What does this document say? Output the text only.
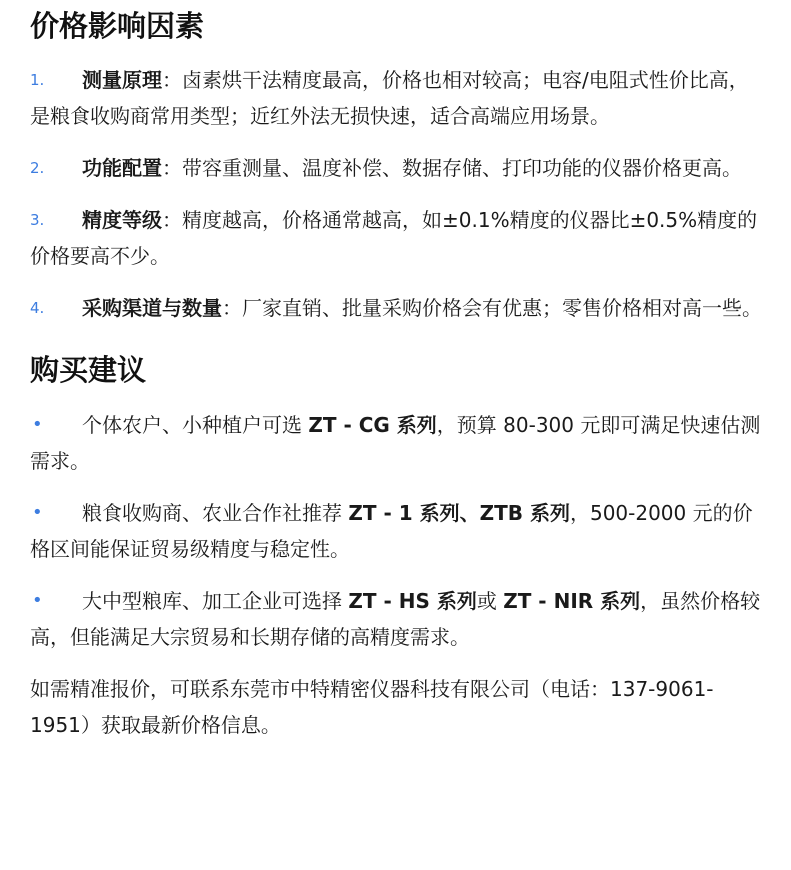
价格影响因素
1. 测量原理：卤素烘干法精度最高，价格也相对较高；电容/电阻式性价比高，是粮食收购商常用类型；近红外法无损快速，适合高端应用场景。
2. 功能配置：带容重测量、温度补偿、数据存储、打印功能的仪器价格更高。
3. 精度等级：精度越高，价格通常越高，如±0.1%精度的仪器比±0.5%精度的价格要高不少。
4. 采购渠道与数量：厂家直销、批量采购价格会有优惠；零售价格相对高一些。
购买建议
• 个体农户、小种植户可选 ZT - CG 系列，预算 80-300 元即可满足快速估测需求。
• 粮食收购商、农业合作社推荐 ZT - 1 系列、ZTB 系列，500-2000 元的价格区间能保证贸易级精度与稳定性。
• 大中型粮库、加工企业可选择 ZT - HS 系列或 ZT - NIR 系列，虽然价格较高，但能满足大宗贸易和长期存储的高精度需求。

如需精准报价，可联系东莞市中特精密仪器科技有限公司（电话：137-9061-1951）获取最新价格信息。
